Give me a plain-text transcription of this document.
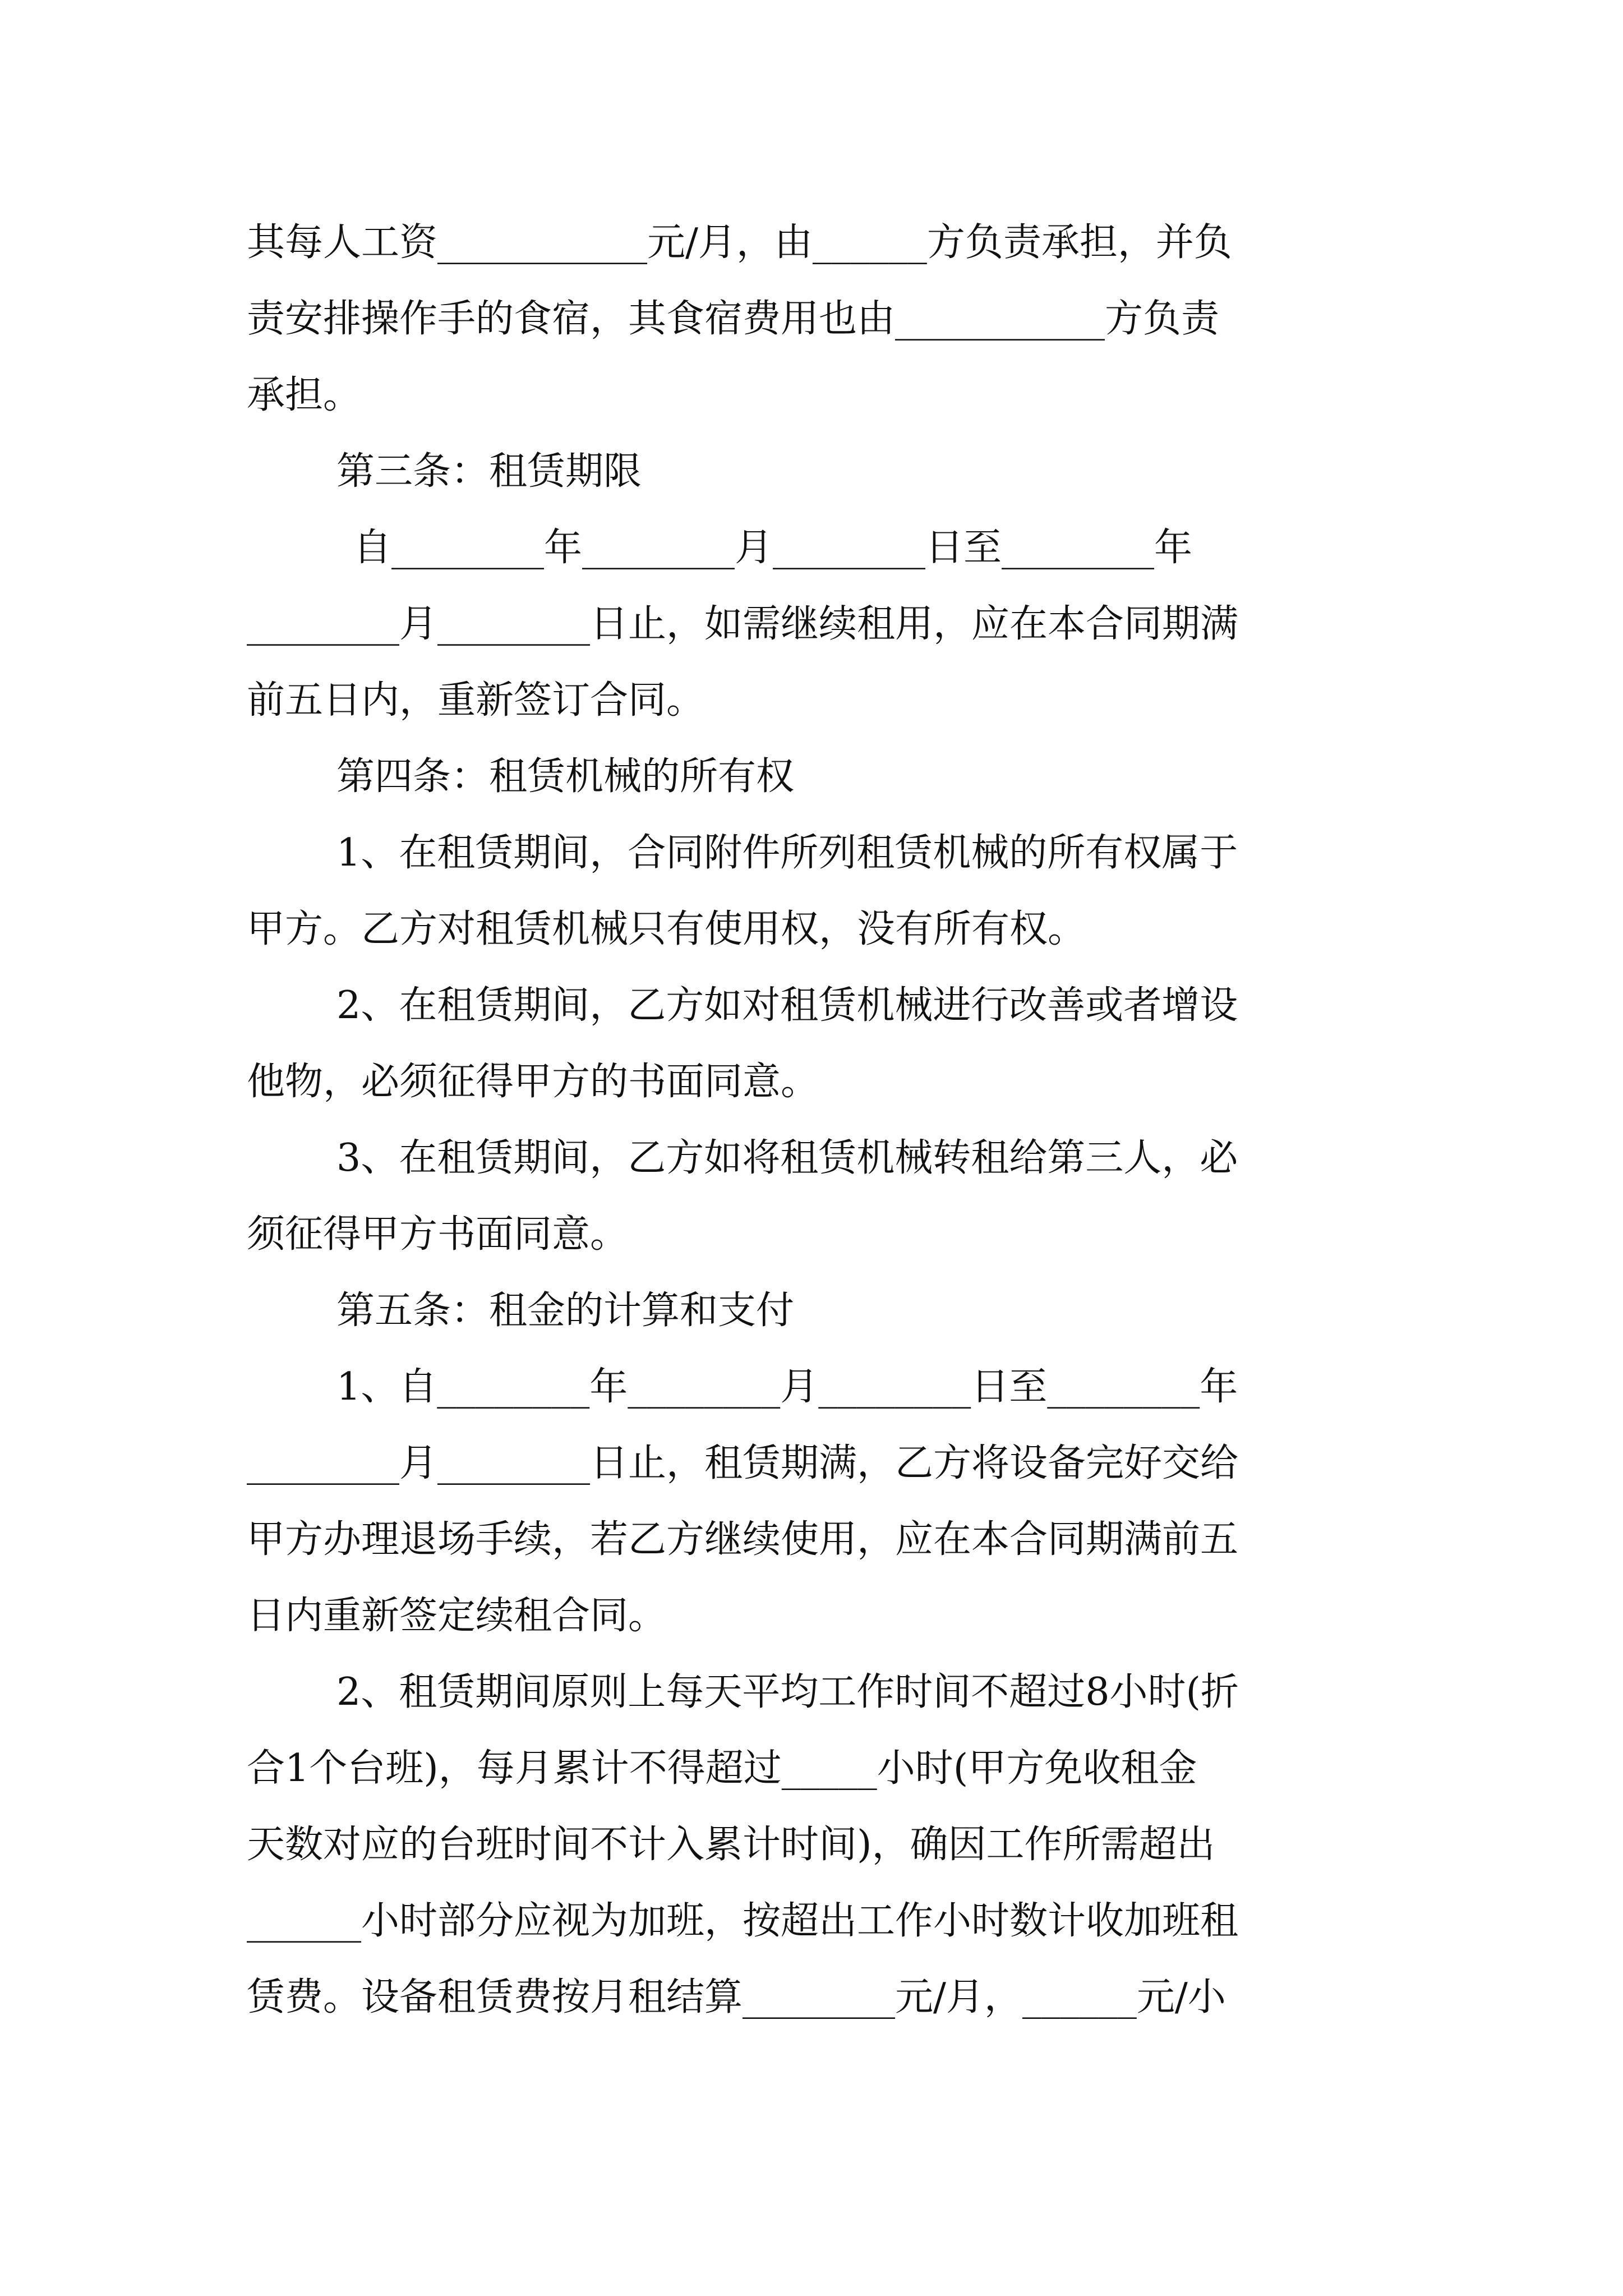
其每人工资___________元/月，由______方负责承担，并负
责安排操作手的食宿，其食宿费用也由___________方负责
承担。
第三条：租赁期限
自________年________月________日至________年
________月________日止，如需继续租用，应在本合同期满
前五日内，重新签订合同。
第四条：租赁机械的所有权
1、在租赁期间，合同附件所列租赁机械的所有权属于
甲方。乙方对租赁机械只有使用权，没有所有权。
2、在租赁期间，乙方如对租赁机械进行改善或者增设
他物，必须征得甲方的书面同意。
3、在租赁期间，乙方如将租赁机械转租给第三人，必
须征得甲方书面同意。
第五条：租金的计算和支付
1、自________年________月________日至________年
________月________日止，租赁期满，乙方将设备完好交给
甲方办理退场手续，若乙方继续使用，应在本合同期满前五
日内重新签定续租合同。
2、租赁期间原则上每天平均工作时间不超过8小时(折
合1个台班)，每月累计不得超过_____小时(甲方免收租金
天数对应的台班时间不计入累计时间)，确因工作所需超出
______小时部分应视为加班，按超出工作小时数计收加班租
赁费。设备租赁费按月租结算________元/月，______元/小
